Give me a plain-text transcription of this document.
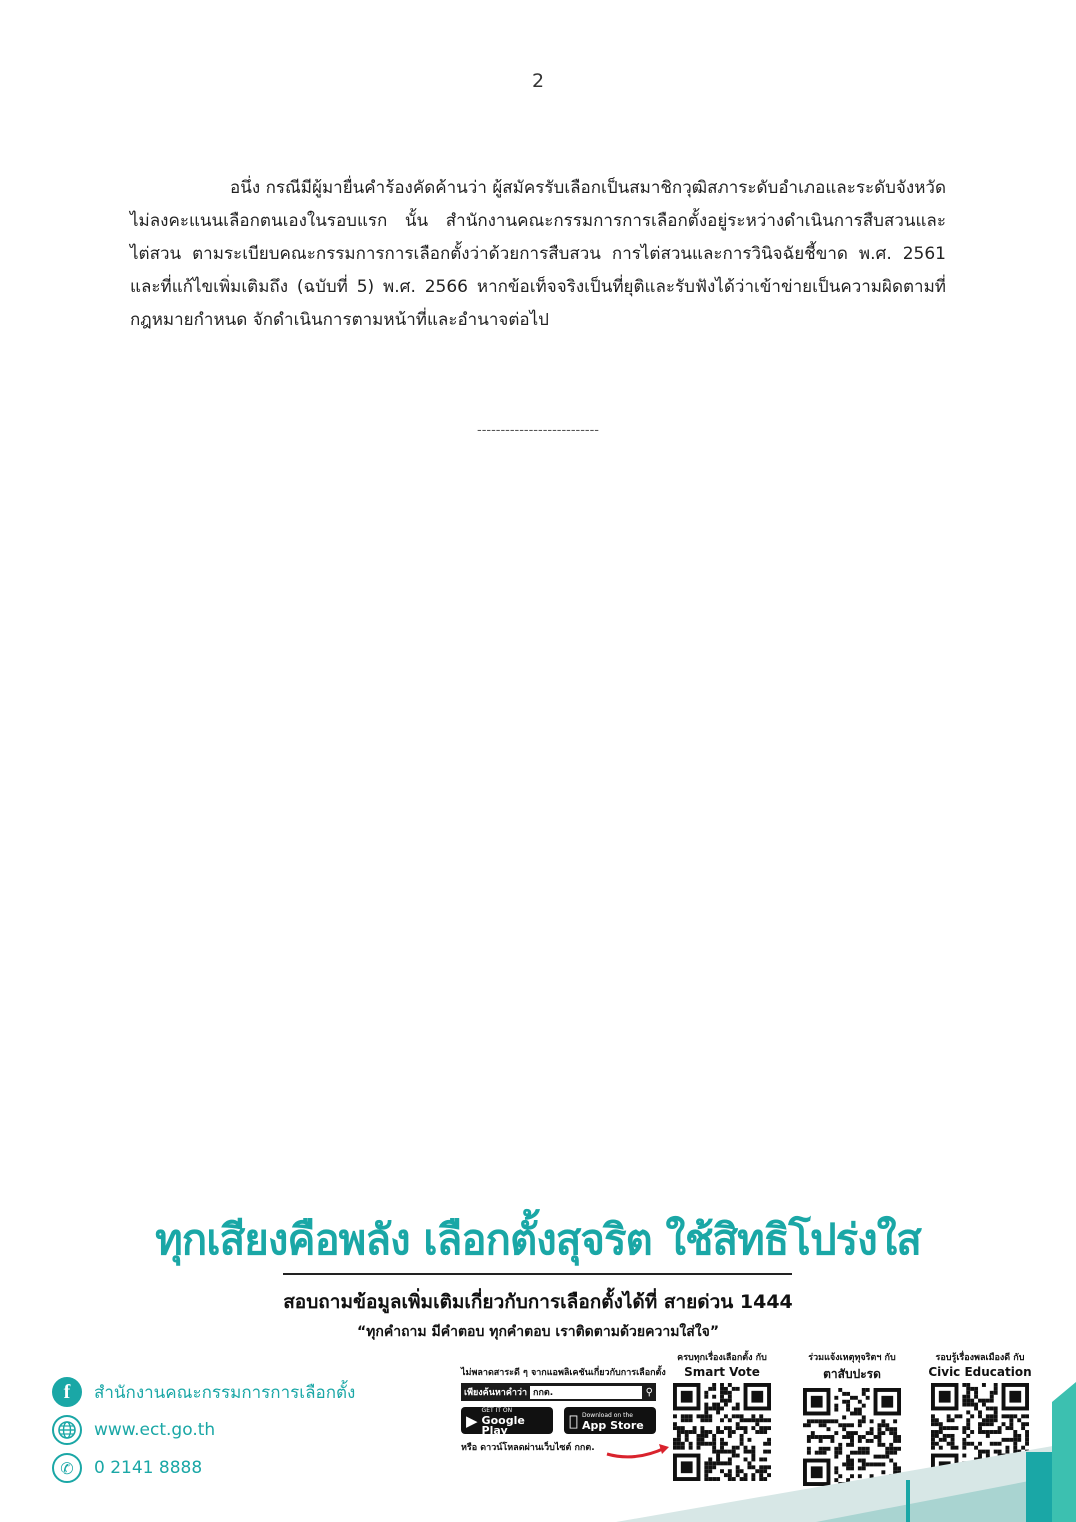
2
อนึ่ง กรณีมีผู้มายื่นคำร้องคัดค้านว่า ผู้สมัครรับเลือกเป็นสมาชิกวุฒิสภาระดับอำเภอและระดับจังหวัด ไม่ลงคะแนนเลือกตนเองในรอบแรก นั้น สำนักงานคณะกรรมการการเลือกตั้งอยู่ระหว่างดำเนินการสืบสวนและไต่สวน ตามระเบียบคณะกรรมการการเลือกตั้งว่าด้วยการสืบสวน การไต่สวนและการวินิจฉัยชี้ขาด พ.ศ. 2561 และที่แก้ไขเพิ่มเติมถึง (ฉบับที่ 5) พ.ศ. 2566 หากข้อเท็จจริงเป็นที่ยุติและรับฟังได้ว่าเข้าข่ายเป็นความผิดตามที่กฎหมายกำหนด จักดำเนินการตามหน้าที่และอำนาจต่อไป
--------------------------
ทุกเสียงคือพลัง เลือกตั้งสุจริต ใช้สิทธิโปร่งใส
สอบถามข้อมูลเพิ่มเติมเกี่ยวกับการเลือกตั้งได้ที่ สายด่วน 1444
“ทุกคำถาม มีคำตอบ ทุกคำตอบ เราติดตามด้วยความใส่ใจ”
f	สำนักงานคณะกรรมการการเลือกตั้ง
www.ect.go.th
✆	0 2141 8888
ไม่พลาดสาระดี ๆ จากแอพลิเคชันเกี่ยวกับการเลือกตั้ง
เพียงค้นหาคำว่า
กกต.	⚲
▶
GET IT ON
Google Play
Download on the
App Store
หรือ ดาวน์โหลดผ่านเว็บไซต์ กกต.
ครบทุกเรื่องเลือกตั้ง กับ
Smart Vote
ร่วมแจ้งเหตุทุจริตฯ กับ
ตาสับปะรด
รอบรู้เรื่องพลเมืองดี กับ
Civic Education
